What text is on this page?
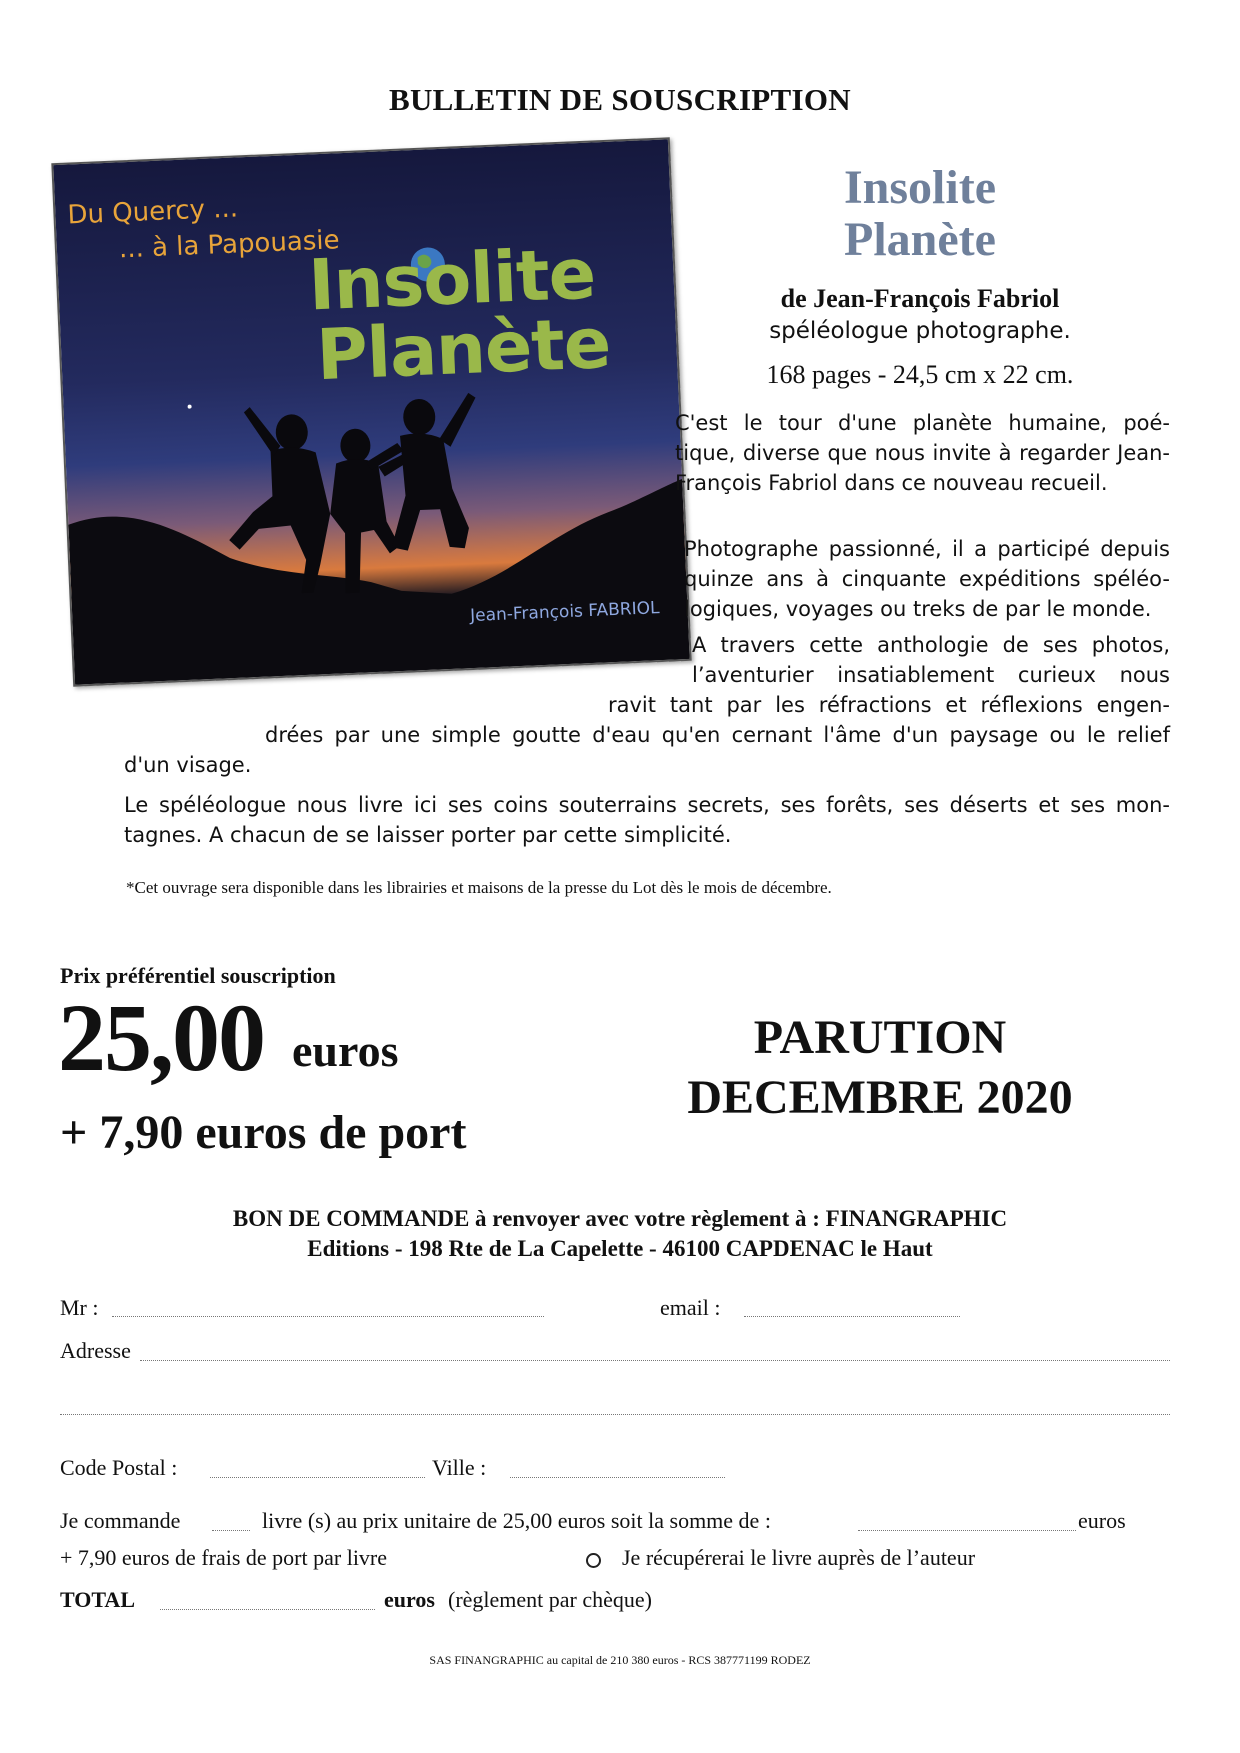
BULLETIN DE SOUSCRIPTION
Du Quercy ...
... à la Papouasie
Insolite
Planète
Jean-François FABRIOL
Insolite
Planète
de Jean-François Fabriol
spéléologue photographe.
168 pages - 24,5 cm x 22 cm.
C'est le tour d'une planète humaine, poé- tique, diverse que nous invite à regarder Jean-François Fabriol dans ce nouveau recueil.
Photographe passionné, il a participé depuis quinze ans à cinquante expéditions spéléo- logiques, voyages ou treks de par le monde.
A travers cette anthologie de ses photos,
l’aventurier insatiablement curieux nous
ravit tant par les réfractions et réflexions engen-
drées par une simple goutte d'eau qu'en cernant l'âme d'un paysage ou le relief
d'un visage.
Le spéléologue nous livre ici ses coins souterrains secrets, ses forêts, ses déserts et ses mon- tagnes. A chacun de se laisser porter par cette simplicité.
*Cet ouvrage sera disponible dans les librairies et maisons de la presse du Lot dès le mois de décembre.
Prix préférentiel souscription
25,00 euros
+ 7,90 euros de port
PARUTION
DECEMBRE 2020
BON DE COMMANDE à renvoyer avec votre règlement à : FINANGRAPHIC
Editions - 198 Rte de La Capelette - 46100 CAPDENAC le Haut
Mr :	email :
Adresse
Code Postal :	Ville :
Je commande	livre (s) au prix unitaire de 25,00 euros soit la somme de :	euros
+ 7,90 euros de frais de port par livre	Je récupérerai le livre auprès de l’auteur
TOTAL	euros (règlement par chèque)
SAS FINANGRAPHIC au capital de 210 380 euros - RCS 387771199 RODEZ
